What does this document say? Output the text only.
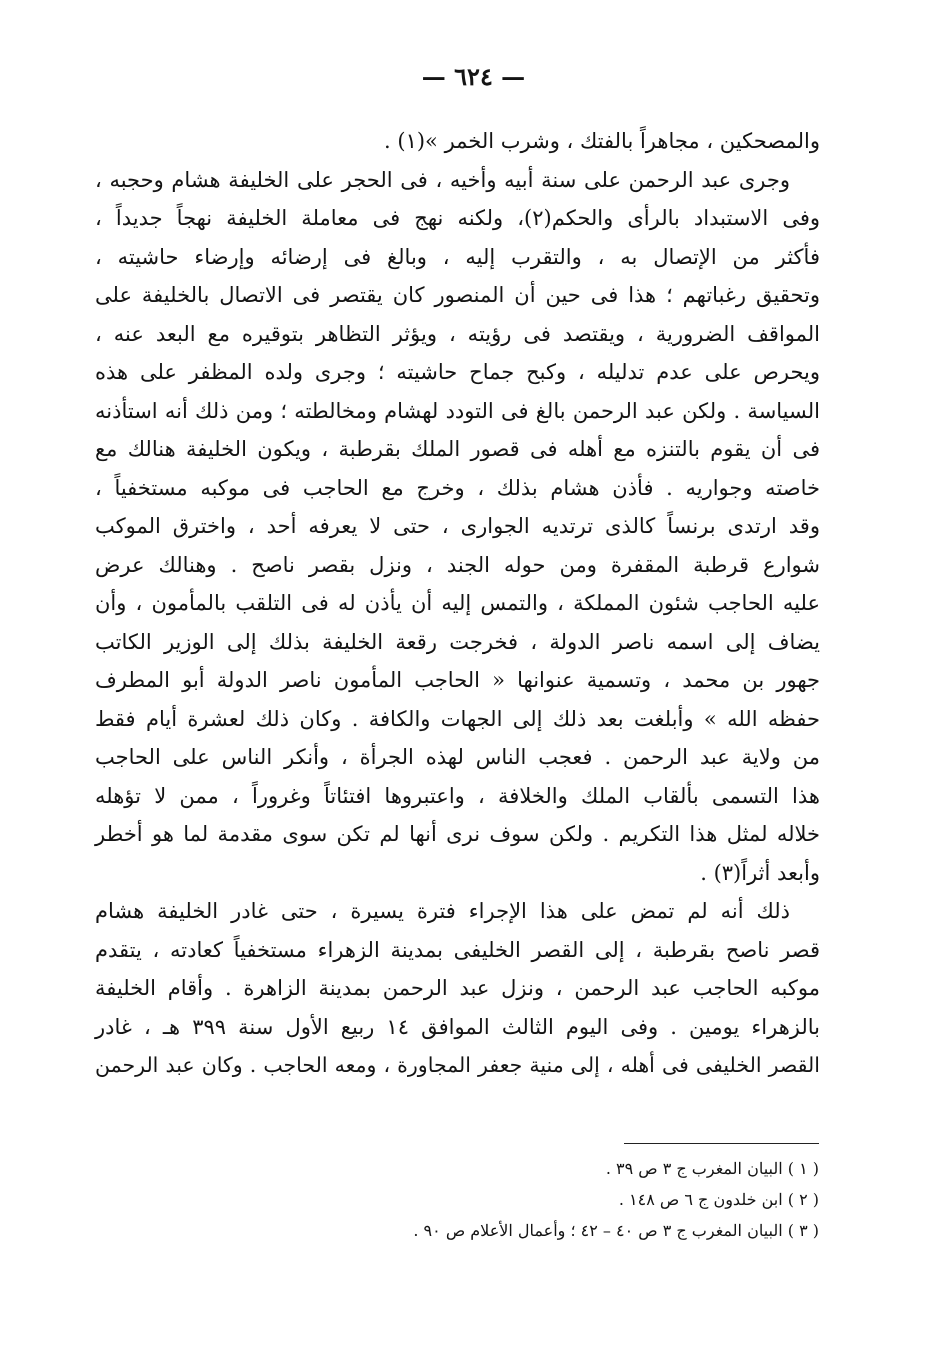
— ٦٢٤ —
والمصحكين ، مجاهراً بالفتك ، وشرب الخمر »(١) .
وجرى عبد الرحمن على سنة أبيه وأخيه ، فى الحجر على الخليفة هشام وحجبه ،
وفى الاستبداد بالرأى والحكم(٢)، ولكنه نهج فى معاملة الخليفة نهجاً جديداً ،
فأكثر من الإتصال به ، والتقرب إليه ، وبالغ فى إرضائه وإرضاء حاشيته ،
وتحقيق رغباتهم ؛ هذا فى حين أن المنصور كان يقتصر فى الاتصال بالخليفة على
المواقف الضرورية ، ويقتصد فى رؤيته ، ويؤثر التظاهر بتوقيره مع البعد عنه ،
ويحرص على عدم تدليله ، وكبح جماح حاشيته ؛ وجرى ولده المظفر على هذه
السياسة . ولكن عبد الرحمن بالغ فى التودد لهشام ومخالطته ؛ ومن ذلك أنه استأذنه
فى أن يقوم بالتنزه مع أهله فى قصور الملك بقرطبة ، ويكون الخليفة هنالك مع
خاصته وجواريه . فأذن هشام بذلك ، وخرج مع الحاجب فى موكبه مستخفياً ،
وقد ارتدى برنساً كالذى ترتديه الجوارى ، حتى لا يعرفه أحد ، واخترق الموكب
شوارع قرطبة المقفرة ومن حوله الجند ، ونزل بقصر ناصح . وهنالك عرض
عليه الحاجب شئون المملكة ، والتمس إليه أن يأذن له فى التلقب بالمأمون ، وأن
يضاف إلى اسمه ناصر الدولة ، فخرجت رقعة الخليفة بذلك إلى الوزير الكاتب
جهور بن محمد ، وتسمية عنوانها « الحاجب المأمون ناصر الدولة أبو المطرف
حفظه الله » وأبلغت بعد ذلك إلى الجهات والكافة . وكان ذلك لعشرة أيام فقط
من ولاية عبد الرحمن . فعجب الناس لهذه الجرأة ، وأنكر الناس على الحاجب
هذا التسمى بألقاب الملك والخلافة ، واعتبروها افتئاتاً وغروراً ، ممن لا تؤهله
خلاله لمثل هذا التكريم . ولكن سوف نرى أنها لم تكن سوى مقدمة لما هو أخطر
وأبعد أثراً(٣) .
ذلك أنه لم تمض على هذا الإجراء فترة يسيرة ، حتى غادر الخليفة هشام
قصر ناصح بقرطبة ، إلى القصر الخليفى بمدينة الزهراء مستخفياً كعادته ، يتقدم
موكبه الحاجب عبد الرحمن ، ونزل عبد الرحمن بمدينة الزاهرة . وأقام الخليفة
بالزهراء يومين . وفى اليوم الثالث الموافق ١٤ ربيع الأول سنة ٣٩٩ هـ ، غادر
القصر الخليفى فى أهله ، إلى منية جعفر المجاورة ، ومعه الحاجب . وكان عبد الرحمن
( ١ ) البيان المغرب ج ٣ ص ٣٩ .
( ٢ ) ابن خلدون ج ٦ ص ١٤٨ .
( ٣ ) البيان المغرب ج ٣ ص ٤٠ – ٤٢ ؛ وأعمال الأعلام ص ٩٠ .
